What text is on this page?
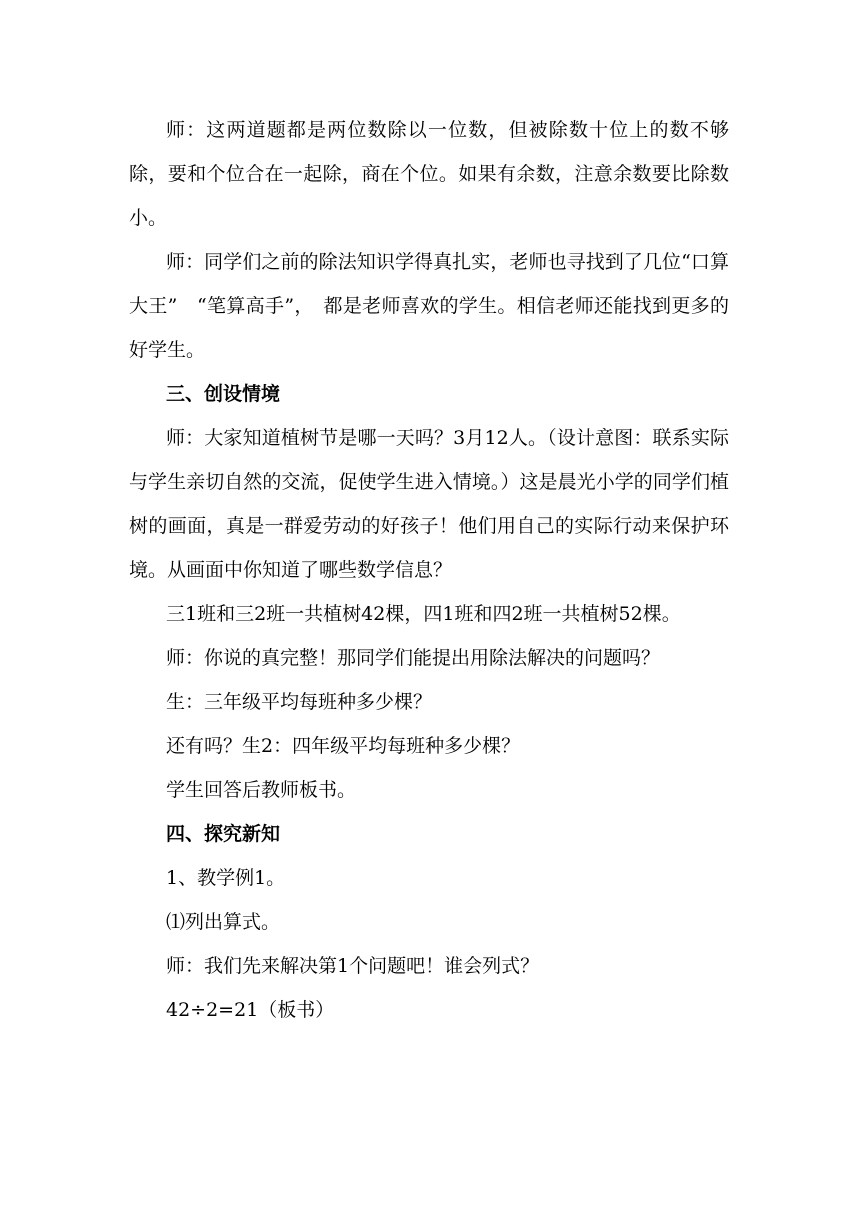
师：这两道题都是两位数除以一位数，但被除数十位上的数不够除，要和个位合在一起除，商在个位。如果有余数，注意余数要比除数小。

师：同学们之前的除法知识学得真扎实，老师也寻找到了几位“口算大王”　“笔算高手”，　都是老师喜欢的学生。相信老师还能找到更多的好学生。

三、创设情境

师：大家知道植树节是哪一天吗？3月12人。（设计意图：联系实际与学生亲切自然的交流，促使学生进入情境。）这是晨光小学的同学们植树的画面，真是一群爱劳动的好孩子！他们用自己的实际行动来保护环境。从画面中你知道了哪些数学信息？

三1班和三2班一共植树42棵，四1班和四2班一共植树52棵。

师：你说的真完整！那同学们能提出用除法解决的问题吗？

生：三年级平均每班种多少棵？

还有吗？生2：四年级平均每班种多少棵？

学生回答后教师板书。

四、探究新知

1、教学例1。

⑴列出算式。

师：我们先来解决第1个问题吧！谁会列式？

42÷2=21（板书）
